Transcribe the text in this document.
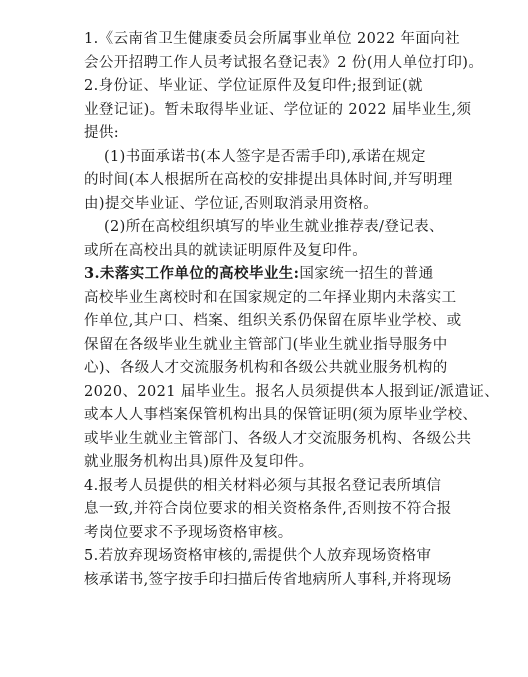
1.《云南省卫生健康委员会所属事业单位 2022 年面向社
会公开招聘工作人员考试报名登记表》2 份(用人单位打印)。
2.身份证、毕业证、学位证原件及复印件;报到证(就
业登记证)。暂未取得毕业证、学位证的 2022 届毕业生,须
提供:
(1)书面承诺书(本人签字是否需手印),承诺在规定
的时间(本人根据所在高校的安排提出具体时间,并写明理
由)提交毕业证、学位证,否则取消录用资格。
(2)所在高校组织填写的毕业生就业推荐表/登记表、
或所在高校出具的就读证明原件及复印件。
3.未落实工作单位的高校毕业生:国家统一招生的普通
高校毕业生离校时和在国家规定的二年择业期内未落实工
作单位,其户口、档案、组织关系仍保留在原毕业学校、或
保留在各级毕业生就业主管部门(毕业生就业指导服务中
心)、各级人才交流服务机构和各级公共就业服务机构的
2020、2021 届毕业生。报名人员须提供本人报到证/派遣证、
或本人人事档案保管机构出具的保管证明(须为原毕业学校、
或毕业生就业主管部门、各级人才交流服务机构、各级公共
就业服务机构出具)原件及复印件。
4.报考人员提供的相关材料必须与其报名登记表所填信
息一致,并符合岗位要求的相关资格条件,否则按不符合报
考岗位要求不予现场资格审核。
5.若放弃现场资格审核的,需提供个人放弃现场资格审
核承诺书,签字按手印扫描后传省地病所人事科,并将现场
